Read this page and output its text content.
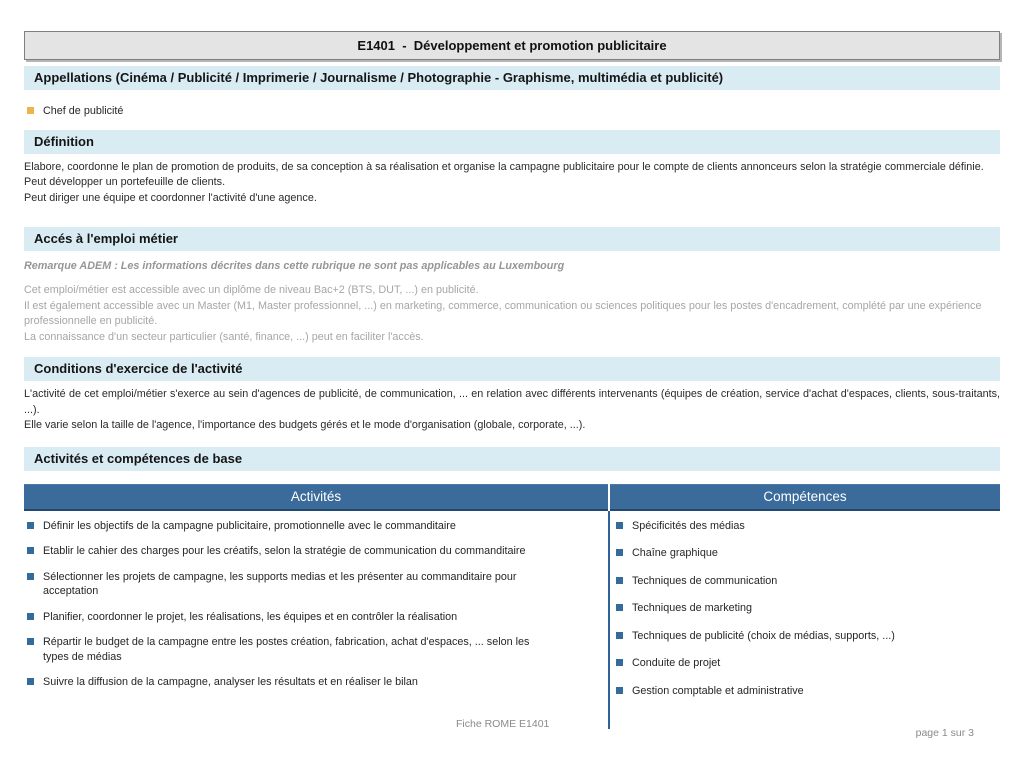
E1401  -  Développement et promotion publicitaire
Appellations (Cinéma / Publicité / Imprimerie / Journalisme / Photographie - Graphisme, multimédia et publicité)
Chef de publicité
Définition
Elabore, coordonne le plan de promotion de produits, de sa conception à sa réalisation et organise la campagne publicitaire pour le compte de clients annonceurs selon la stratégie commerciale définie.
Peut développer un portefeuille de clients.
Peut diriger une équipe et coordonner l'activité d'une agence.
Accés à l'emploi métier
Remarque ADEM : Les informations décrites dans cette rubrique ne sont pas applicables au Luxembourg
Cet emploi/métier est accessible avec un diplôme de niveau Bac+2 (BTS, DUT, ...) en publicité.
Il est également accessible avec un Master (M1, Master professionnel, ...) en marketing, commerce, communication ou sciences politiques pour les postes d'encadrement, complété par une expérience professionnelle en publicité.
La connaissance d'un secteur particulier (santé, finance, ...) peut en faciliter l'accès.
Conditions d'exercice de l'activité
L'activité de cet emploi/métier s'exerce au sein d'agences de publicité, de communication, ... en relation avec différents intervenants (équipes de création, service d'achat d'espaces, clients, sous-traitants, ...).
Elle varie selon la taille de l'agence, l'importance des budgets gérés et le mode d'organisation (globale, corporate, ...).
Activités et compétences de base
Activités	Compétences
Définir les objectifs de la campagne publicitaire, promotionnelle avec le commanditaire
Etablir le cahier des charges pour les créatifs, selon la stratégie de communication du commanditaire
Sélectionner les projets de campagne, les supports medias et les présenter au commanditaire pour acceptation
Planifier, coordonner le projet, les réalisations, les équipes et en contrôler la réalisation
Répartir le budget de la campagne entre les postes création, fabrication, achat d'espaces, ... selon les types de médias
Suivre la diffusion de la campagne, analyser les résultats et en réaliser le bilan
Spécificités des médias
Chaîne graphique
Techniques de communication
Techniques de marketing
Techniques de publicité (choix de médias, supports, ...)
Conduite de projet
Gestion comptable et administrative
Fiche ROME E1401
page 1 sur 3
